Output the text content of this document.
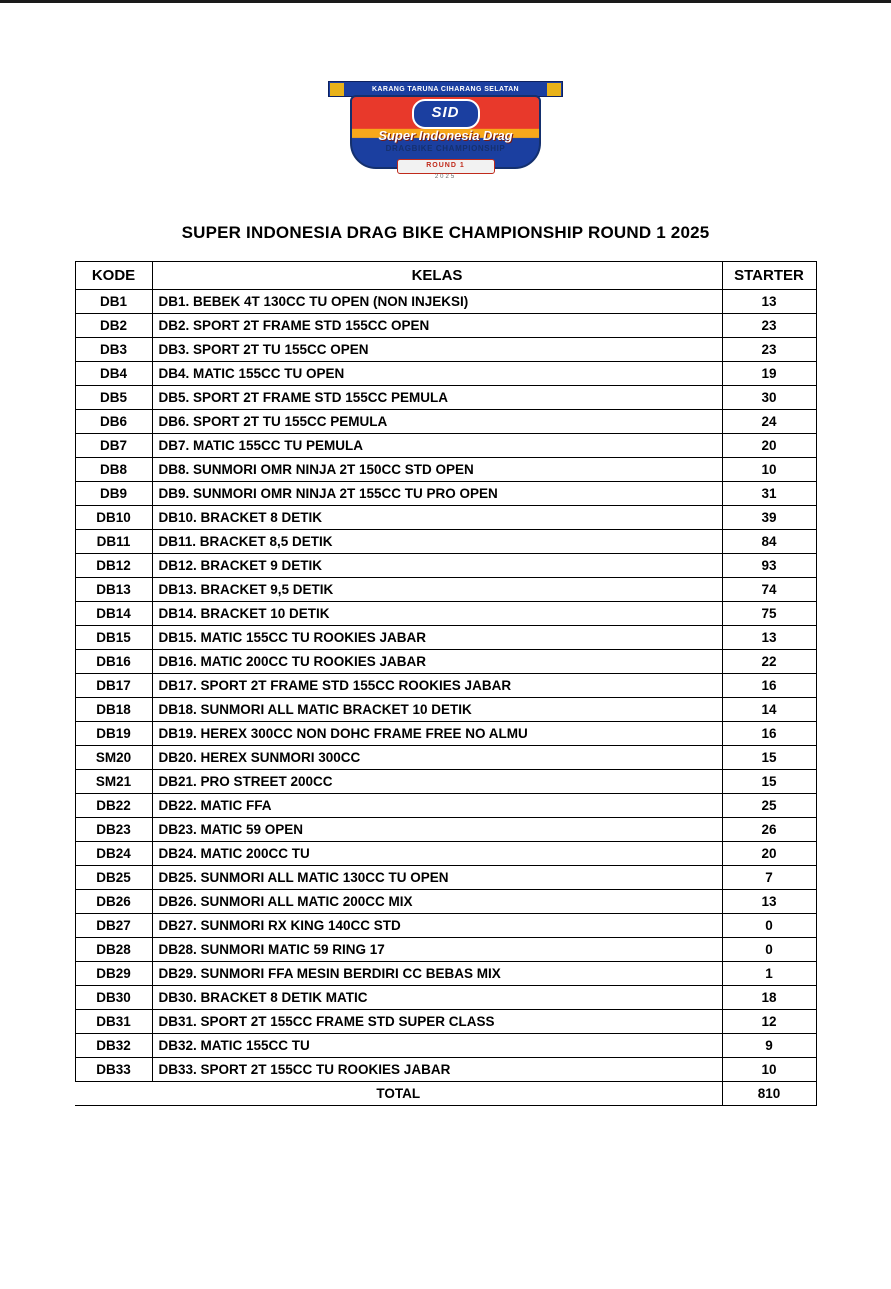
KARANG TARUNA CIHARANG SELATAN
SID
Super Indonesia Drag
DRAGBIKE CHAMPIONSHIP
ROUND 1
2025
SUPER INDONESIA DRAG BIKE CHAMPIONSHIP ROUND 1 2025
KODE	KELAS	STARTER
DB1	DB1. BEBEK 4T 130CC TU OPEN (NON INJEKSI)	13
DB2	DB2. SPORT 2T FRAME STD 155CC OPEN	23
DB3	DB3. SPORT 2T TU 155CC OPEN	23
DB4	DB4. MATIC 155CC TU OPEN	19
DB5	DB5. SPORT 2T FRAME STD 155CC PEMULA	30
DB6	DB6. SPORT 2T TU 155CC PEMULA	24
DB7	DB7. MATIC 155CC TU PEMULA	20
DB8	DB8. SUNMORI OMR NINJA 2T 150CC STD OPEN	10
DB9	DB9. SUNMORI OMR NINJA 2T 155CC TU PRO OPEN	31
DB10	DB10. BRACKET 8 DETIK	39
DB11	DB11. BRACKET 8,5 DETIK	84
DB12	DB12. BRACKET 9 DETIK	93
DB13	DB13. BRACKET 9,5 DETIK	74
DB14	DB14. BRACKET 10 DETIK	75
DB15	DB15. MATIC 155CC TU ROOKIES JABAR	13
DB16	DB16. MATIC 200CC TU ROOKIES JABAR	22
DB17	DB17. SPORT 2T FRAME STD 155CC ROOKIES JABAR	16
DB18	DB18. SUNMORI ALL MATIC BRACKET 10 DETIK	14
DB19	DB19. HEREX 300CC NON DOHC FRAME FREE NO ALMU	16
SM20	DB20. HEREX SUNMORI 300CC	15
SM21	DB21. PRO STREET 200CC	15
DB22	DB22. MATIC FFA	25
DB23	DB23. MATIC 59 OPEN	26
DB24	DB24. MATIC 200CC TU	20
DB25	DB25. SUNMORI ALL MATIC 130CC TU OPEN	7
DB26	DB26. SUNMORI ALL MATIC 200CC MIX	13
DB27	DB27. SUNMORI RX KING 140CC STD	0
DB28	DB28. SUNMORI MATIC 59 RING 17	0
DB29	DB29. SUNMORI FFA MESIN BERDIRI CC BEBAS MIX	1
DB30	DB30. BRACKET 8 DETIK MATIC	18
DB31	DB31. SPORT 2T 155CC FRAME STD SUPER CLASS	12
DB32	DB32. MATIC 155CC TU	9
DB33	DB33. SPORT 2T 155CC TU ROOKIES JABAR	10
TOTAL		810
